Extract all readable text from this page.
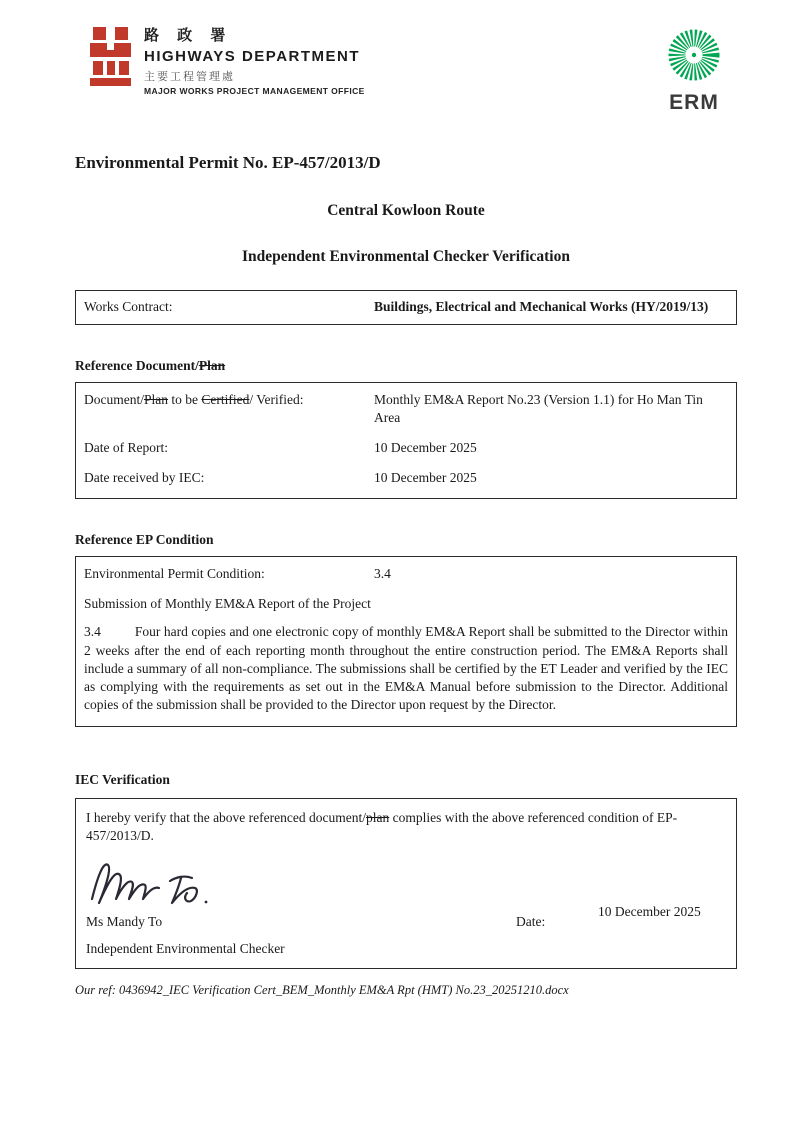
路 政 署
HIGHWAYS DEPARTMENT
主要工程管理處
MAJOR WORKS PROJECT MANAGEMENT OFFICE	ERM
Environmental Permit No. EP-457/2013/D
Central Kowloon Route
Independent Environmental Checker Verification
Works Contract:	Buildings, Electrical and Mechanical Works (HY/2019/13)
Reference Document/Plan
Document/Plan to be Certified/ Verified:	Monthly EM&A Report No.23 (Version 1.1) for Ho Man Tin Area
Date of Report:	10 December 2025
Date received by IEC:	10 December 2025
Reference EP Condition
Environmental Permit Condition:	3.4

Submission of Monthly EM&A Report of the Project

3.4	Four hard copies and one electronic copy of monthly EM&A Report shall be submitted to the Director within 2 weeks after the end of each reporting month throughout the entire construction period. The EM&A Reports shall include a summary of all non-compliance. The submissions shall be certified by the ET Leader and verified by the IEC as complying with the requirements as set out in the EM&A Manual before submission to the Director. Additional copies of the submission shall be provided to the Director upon request by the Director.

IEC Verification

I hereby verify that the above referenced document/plan complies with the above referenced condition of EP-457/2013/D.

Ms Mandy To	Date:
10 December 2025
Independent Environmental Checker
Our ref: 0436942_IEC Verification Cert_BEM_Monthly EM&A Rpt (HMT) No.23_20251210.docx
